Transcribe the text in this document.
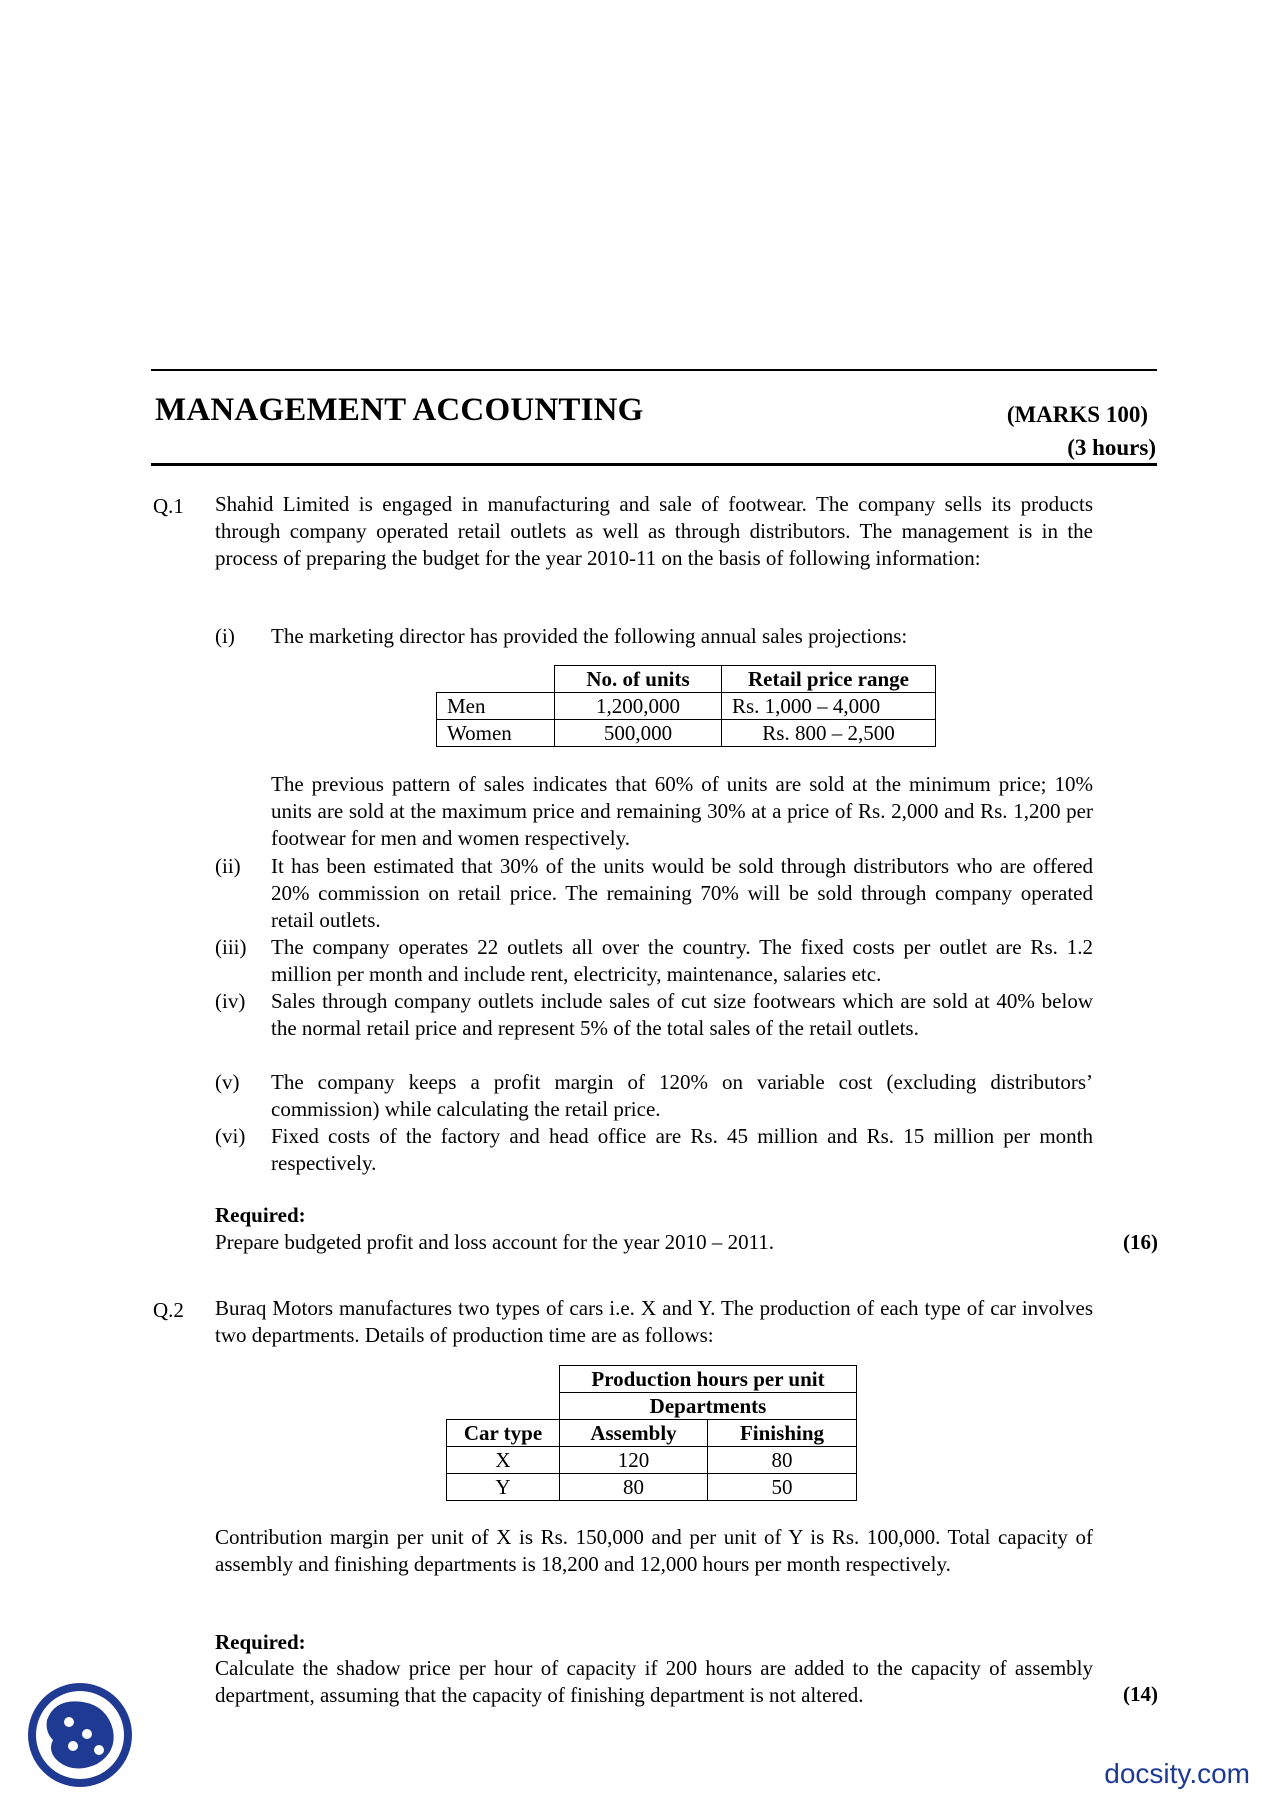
MANAGEMENT ACCOUNTING	(MARKS 100)
(3 hours)
Q.1 Shahid Limited is engaged in manufacturing and sale of footwear. The company sells its products through company operated retail outlets as well as through distributors. The management is in the process of preparing the budget for the year 2010-11 on the basis of following information:
(i) The marketing director has provided the following annual sales projections:
	No. of units	Retail price range
Men	1,200,000	Rs. 1,000 – 4,000
Women	500,000	Rs. 800 – 2,500
The previous pattern of sales indicates that 60% of units are sold at the minimum price; 10% units are sold at the maximum price and remaining 30% at a price of Rs. 2,000 and Rs. 1,200 per footwear for men and women respectively.
(ii) It has been estimated that 30% of the units would be sold through distributors who are offered 20% commission on retail price. The remaining 70% will be sold through company operated retail outlets.
(iii) The company operates 22 outlets all over the country. The fixed costs per outlet are Rs. 1.2 million per month and include rent, electricity, maintenance, salaries etc.
(iv) Sales through company outlets include sales of cut size footwears which are sold at 40% below the normal retail price and represent 5% of the total sales of the retail outlets.
(v) The company keeps a profit margin of 120% on variable cost (excluding distributors’ commission) while calculating the retail price.
(vi) Fixed costs of the factory and head office are Rs. 45 million and Rs. 15 million per month respectively.
Required:
Prepare budgeted profit and loss account for the year 2010 – 2011.	(16)
Q.2 Buraq Motors manufactures two types of cars i.e. X and Y. The production of each type of car involves two departments. Details of production time are as follows:
	Production hours per unit	
	Departments	
Car type	Assembly	Finishing
X	120	80
Y	80	50
Contribution margin per unit of X is Rs. 150,000 and per unit of Y is Rs. 100,000. Total capacity of assembly and finishing departments is 18,200 and 12,000 hours per month respectively.
Required:
Calculate the shadow price per hour of capacity if 200 hours are added to the capacity of assembly department, assuming that the capacity of finishing department is not altered.	(14)
docsity.com
